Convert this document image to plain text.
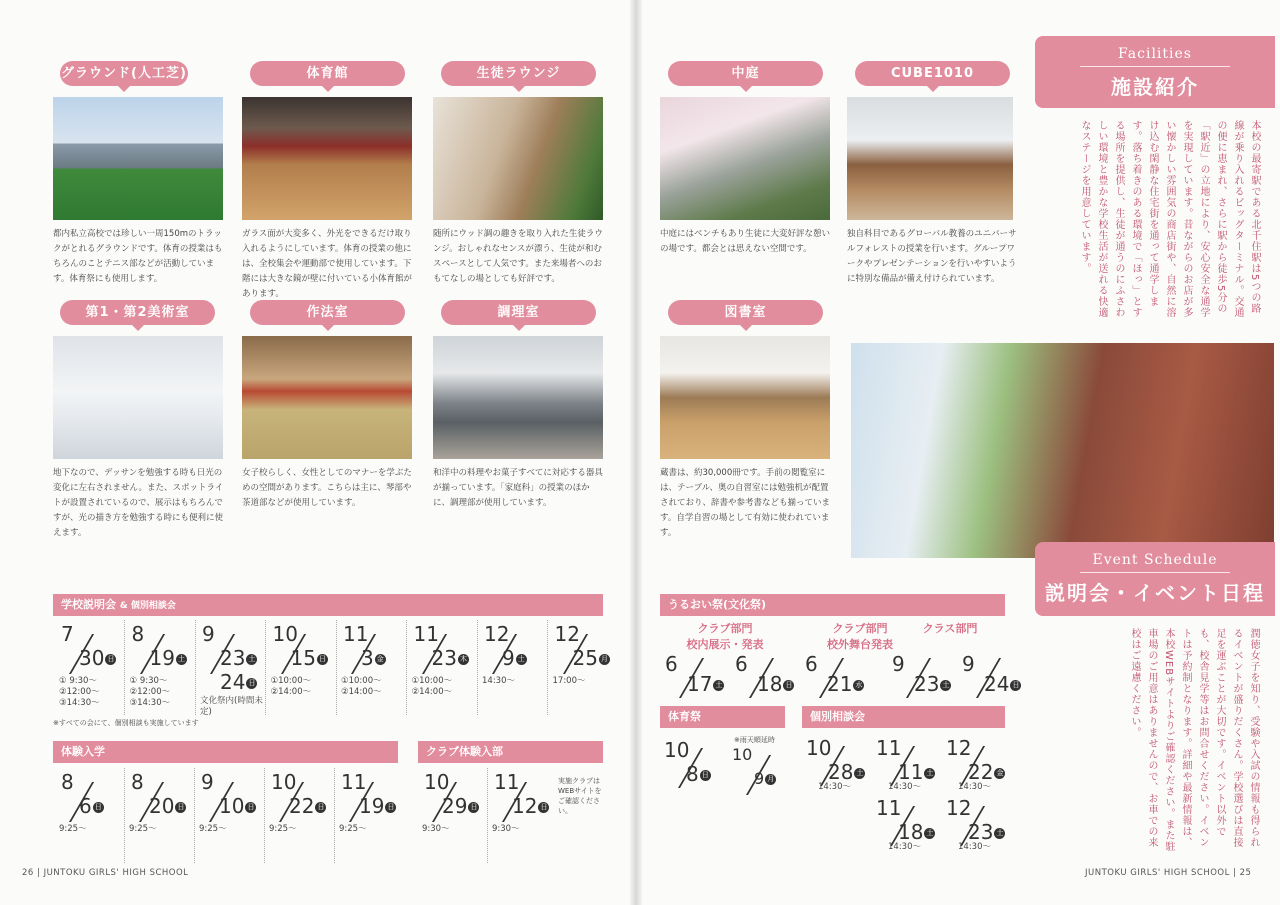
グラウンド(人工芝)
都内私立高校では珍しい一周150mのトラックがとれるグラウンドです。体育の授業はもちろんのことテニス部などが活動しています。体育祭にも使用します。
体育館
ガラス面が大変多く、外光をできるだけ取り入れるようにしています。体育の授業の他には、全校集会や運動部で使用しています。下階には大きな鏡が壁に付いている小体育館があります。
生徒ラウンジ
随所にウッド調の趣きを取り入れた生徒ラウンジ。おしゃれなセンスが漂う、生徒が和むスペースとして人気です。また来場者へのおもてなしの場としても好評です。
第1・第2美術室
地下なので、デッサンを勉強する時も日光の変化に左右されません。また、スポットライトが設置されているので、展示はもちろんですが、光の描き方を勉強する時にも便利に使えます。
作法室
女子校らしく、女性としてのマナーを学ぶための空間があります。こちらは主に、琴部や茶道部などが使用しています。
調理室
和洋中の料理やお菓子すべてに対応する器具が揃っています。「家庭科」の授業のほかに、調理部が使用しています。
中庭
中庭にはベンチもあり生徒に大変好評な憩いの場です。都会とは思えない空間です。
CUBE1010
独自科目であるグローバル教養のユニバーサルフォレストの授業を行います。グループワークやプレゼンテーションを行いやすいように特別な備品が備え付けられています。
図書室
蔵書は、約30,000冊です。手前の閲覧室には、テーブル、奥の自習室には勉強机が配置されており、辞書や参考書なども揃っています。自学自習の場として有効に使われています。
Facilities
施設紹介
本校の最寄駅である北千住駅は5つの路線が乗り入れるビッグターミナル。交通の便に恵まれ、さらに駅から徒歩5分の「駅近」の立地により、安心安全な通学を実現しています。昔ながらのお店が多い懐かしい雰囲気の商店街や、自然に溶け込む閑静な住宅街を通って通学します。落ち着きのある環境で「ほっ」とする場所を提供し、生徒が通うのにふさわしい環境と豊かな学校生活が送れる快適なステージを用意しています。
Event Schedule
説明会・イベント日程
潤徳女子を知り、受験や入試の情報も得られるイベントが盛りだくさん。学校選びは直接足を運ぶことが大切です。イベント以外でも、校舎見学等はお問合せください。イベントは予約制となります。詳細や最新情報は、本校WEBサイトよりご確認ください。また駐車場のご用意はありませんので、お車での来校はご遠慮ください。
学校説明会 & 個別相談会
7
30 日
① 9:30〜
②12:00〜
③14:30〜
8
19 土
① 9:30〜
②12:00〜
③14:30〜
9
23 土祝
24 日
文化祭内(時間未定)
10
15 日
①10:00〜
②14:00〜
11
3 金祝
①10:00〜
②14:00〜
11
23 木祝
①10:00〜
②14:00〜
12
9 土
14:30〜
12
25 月
17:00〜
※すべての会にて、個別相談も実施しています
体験入学
8
6 日
9:25〜
8
20 日
9:25〜
9
10 日
9:25〜
10
22 日
9:25〜
11
19 日
9:25〜
クラブ体験入部
10
29 日
9:30〜
11
12 日
9:30〜
実施クラブはWEBサイトをご確認ください。
うるおい祭(文化祭)
クラブ部門
校内展示・発表
6
17 土
6
18 日
クラブ部門
校外舞台発表
6
21 水
クラス部門
9
23 土祝
9
24 日
体育祭
※雨天順延時
10
8 日
10
9 月祝
個別相談会
10
28 土
14:30〜
11
11 土
14:30〜
12
22 金
14:30〜
11
18 土
14:30〜
12
23 土
14:30〜
26 | JUNTOKU GIRLS' HIGH SCHOOL	JUNTOKU GIRLS' HIGH SCHOOL | 25
